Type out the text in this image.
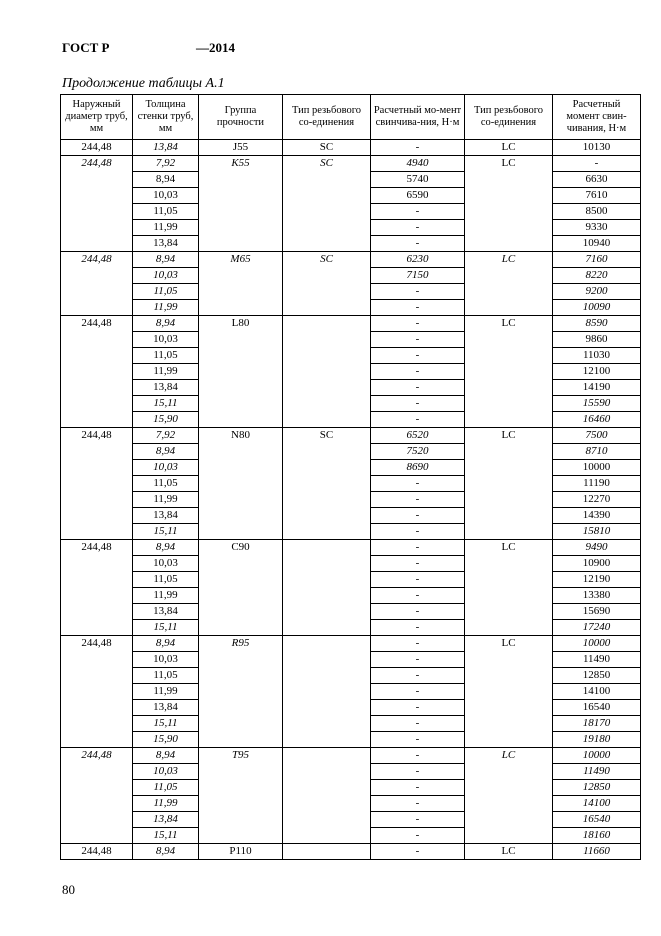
ГОСТ Р	—2014
Продолжение таблицы А.1
Наружный диаметр труб, мм	Толщина стенки труб, мм	Группа прочности	Тип резьбового со-единения	Расчетный мо-мент свинчива-ния, Н·м	Тип резьбового со-единения	Расчетный момент свин-чивания, Н·м
244,48	13,84	J55	SC	-	LC	10130
244,48	7,92	K55	SC	4940	LC	-
	8,94			5740		6630
	10,03			6590		7610
	11,05			-		8500
	11,99			-		9330
	13,84			-		10940
244,48	8,94	M65	SC	6230	LC	7160
	10,03			7150		8220
	11,05			-		9200
	11,99			-		10090
244,48	8,94	L80		-	LC	8590
	10,03			-		9860
	11,05			-		11030
	11,99			-		12100
	13,84			-		14190
	15,11			-		15590
	15,90			-		16460
244,48	7,92	N80	SC	6520	LC	7500
	8,94			7520		8710
	10,03			8690		10000
	11,05			-		11190
	11,99			-		12270
	13,84			-		14390
	15,11			-		15810
244,48	8,94	C90		-	LC	9490
	10,03			-		10900
	11,05			-		12190
	11,99			-		13380
	13,84			-		15690
	15,11			-		17240
244,48	8,94	R95		-	LC	10000
	10,03			-		11490
	11,05			-		12850
	11,99			-		14100
	13,84			-		16540
	15,11			-		18170
	15,90			-		19180
244,48	8,94	T95		-	LC	10000
	10,03			-		11490
	11,05			-		12850
	11,99			-		14100
	13,84			-		16540
	15,11			-		18160
244,48	8,94	P110		-	LC	11660
80
